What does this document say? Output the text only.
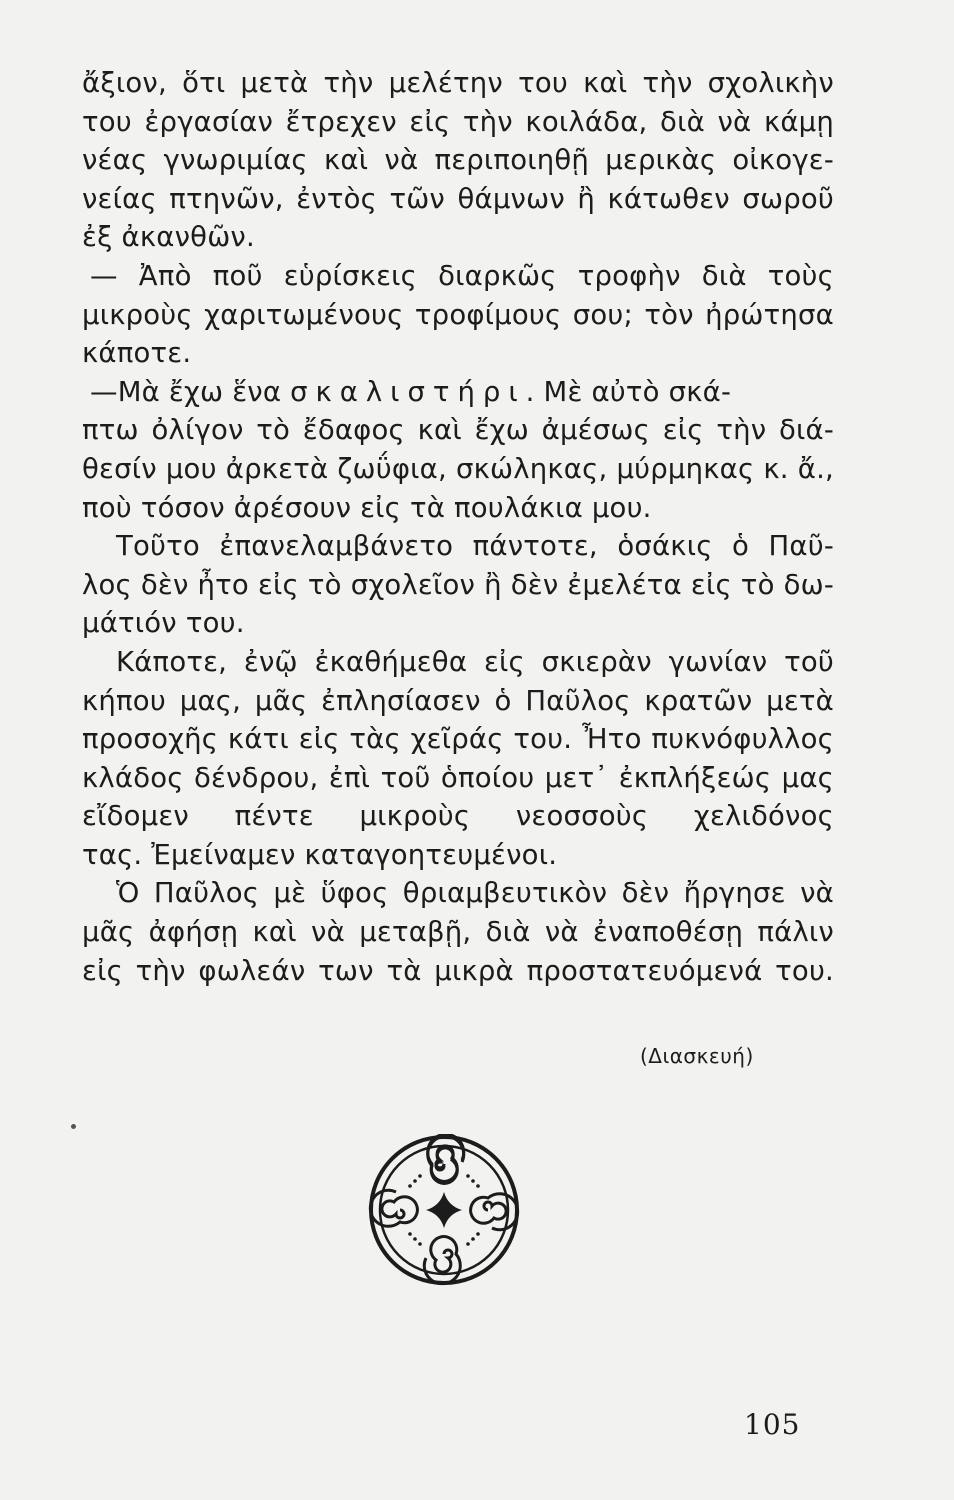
ἄξιον, ὅτι μετὰ τὴν μελέτην του καὶ τὴν σχολικὴν
του ἐργασίαν ἔτρεχεν εἰς τὴν κοιλάδα, διὰ νὰ κάμῃ
νέας γνωριμίας καὶ νὰ περιποιηθῇ μερικὰς οἰκογε-
νείας πτηνῶν, ἐντὸς τῶν θάμνων ἢ κάτωθεν σωροῦ
ἐξ ἀκανθῶν.
— Ἀπὸ ποῦ εὑρίσκεις διαρκῶς τροφὴν διὰ τοὺς
μικροὺς χαριτωμένους τροφίμους σου; τὸν ἠρώτησα
κάποτε.
—Μὰ ἔχω ἕνα σκαλιστήρι. Μὲ αὐτὸ σκά-
πτω ὀλίγον τὸ ἔδαφος καὶ ἔχω ἀμέσως εἰς τὴν διά-
θεσίν μου ἀρκετὰ ζωΰφια, σκώληκας, μύρμηκας κ. ἄ.,
ποὺ τόσον ἀρέσουν εἰς τὰ πουλάκια μου.
Τοῦτο ἐπανελαμβάνετο πάντοτε, ὁσάκις ὁ Παῦ-
λος δὲν ἦτο εἰς τὸ σχολεῖον ἢ δὲν ἐμελέτα εἰς τὸ δω-
μάτιόν του.
Κάποτε, ἐνῷ ἐκαθήμεθα εἰς σκιερὰν γωνίαν τοῦ
κήπου μας, μᾶς ἐπλησίασεν ὁ Παῦλος κρατῶν μετὰ
προσοχῆς κάτι εἰς τὰς χεῖράς του. Ἦτο πυκνόφυλλος
κλάδος δένδρου, ἐπὶ τοῦ ὁποίου μετ᾽ ἐκπλήξεώς μας
εἴδομεν πέντε μικροὺς νεοσσοὺς χελιδόνος
τας. Ἐμείναμεν καταγοητευμένοι.
Ὁ Παῦλος μὲ ὕφος θριαμβευτικὸν δὲν ἤργησε νὰ
μᾶς ἀφήσῃ καὶ νὰ μεταβῇ, διὰ νὰ ἐναποθέσῃ πάλιν
εἰς τὴν φωλεάν των τὰ μικρὰ προστατευόμενά του.
(Διασκευή)
105
